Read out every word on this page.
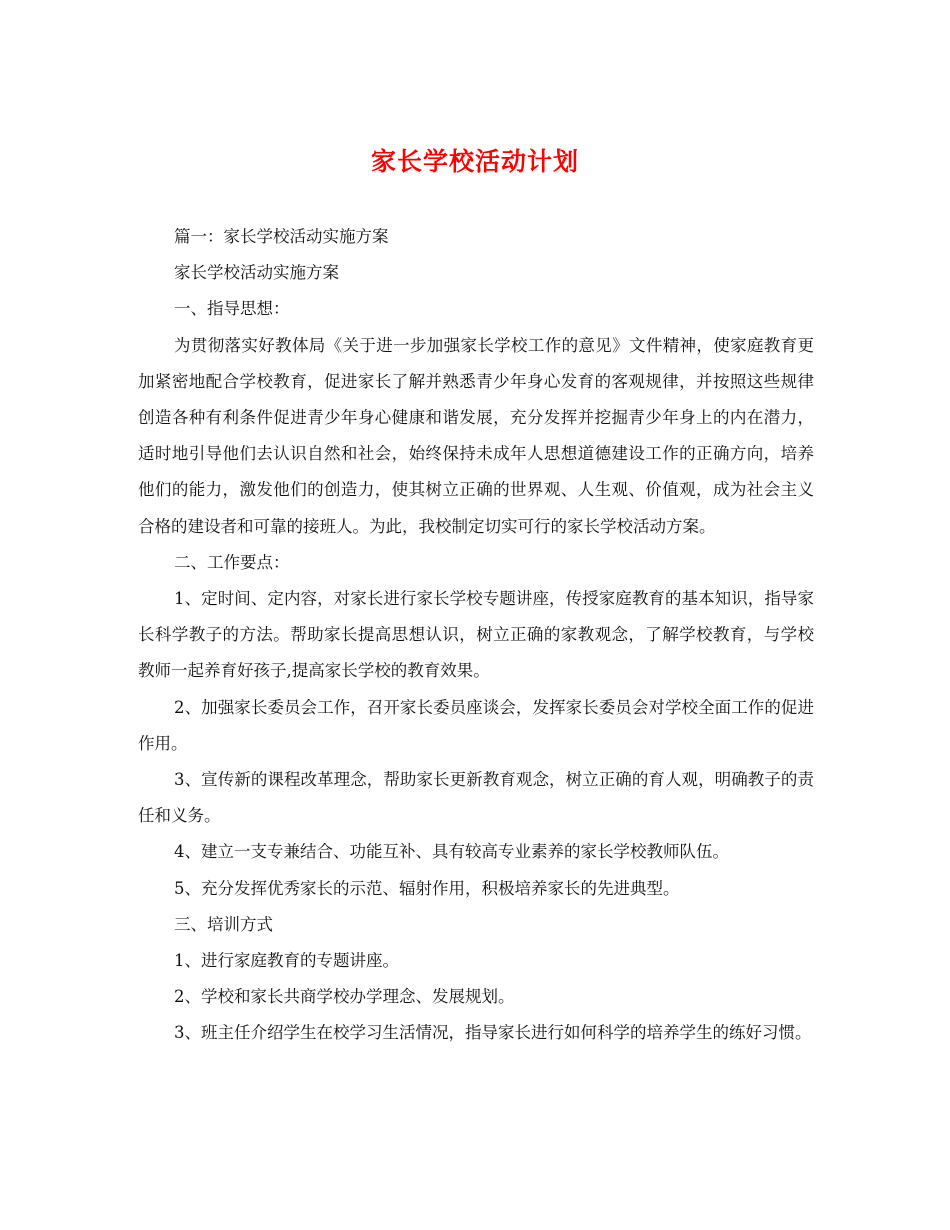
家长学校活动计划

篇一：家长学校活动实施方案

家长学校活动实施方案

一、指导思想：

为贯彻落实好教体局《关于进一步加强家长学校工作的意见》文件精神，使家庭教育更加紧密地配合学校教育，促进家长了解并熟悉青少年身心发育的客观规律，并按照这些规律创造各种有利条件促进青少年身心健康和谐发展，充分发挥并挖掘青少年身上的内在潜力，适时地引导他们去认识自然和社会，始终保持未成年人思想道德建设工作的正确方向，培养他们的能力，激发他们的创造力，使其树立正确的世界观、人生观、价值观，成为社会主义合格的建设者和可靠的接班人。为此，我校制定切实可行的家长学校活动方案。

二、工作要点：

1、定时间、定内容，对家长进行家长学校专题讲座，传授家庭教育的基本知识，指导家长科学教子的方法。帮助家长提高思想认识，树立正确的家教观念，了解学校教育，与学校教师一起养育好孩子,提高家长学校的教育效果。

2、加强家长委员会工作，召开家长委员座谈会，发挥家长委员会对学校全面工作的促进作用。

3、宣传新的课程改革理念，帮助家长更新教育观念，树立正确的育人观，明确教子的责任和义务。

4、建立一支专兼结合、功能互补、具有较高专业素养的家长学校教师队伍。

5、充分发挥优秀家长的示范、辐射作用，积极培养家长的先进典型。

三、培训方式

1、进行家庭教育的专题讲座。

2、学校和家长共商学校办学理念、发展规划。

3、班主任介绍学生在校学习生活情况，指导家长进行如何科学的培养学生的练好习惯。
